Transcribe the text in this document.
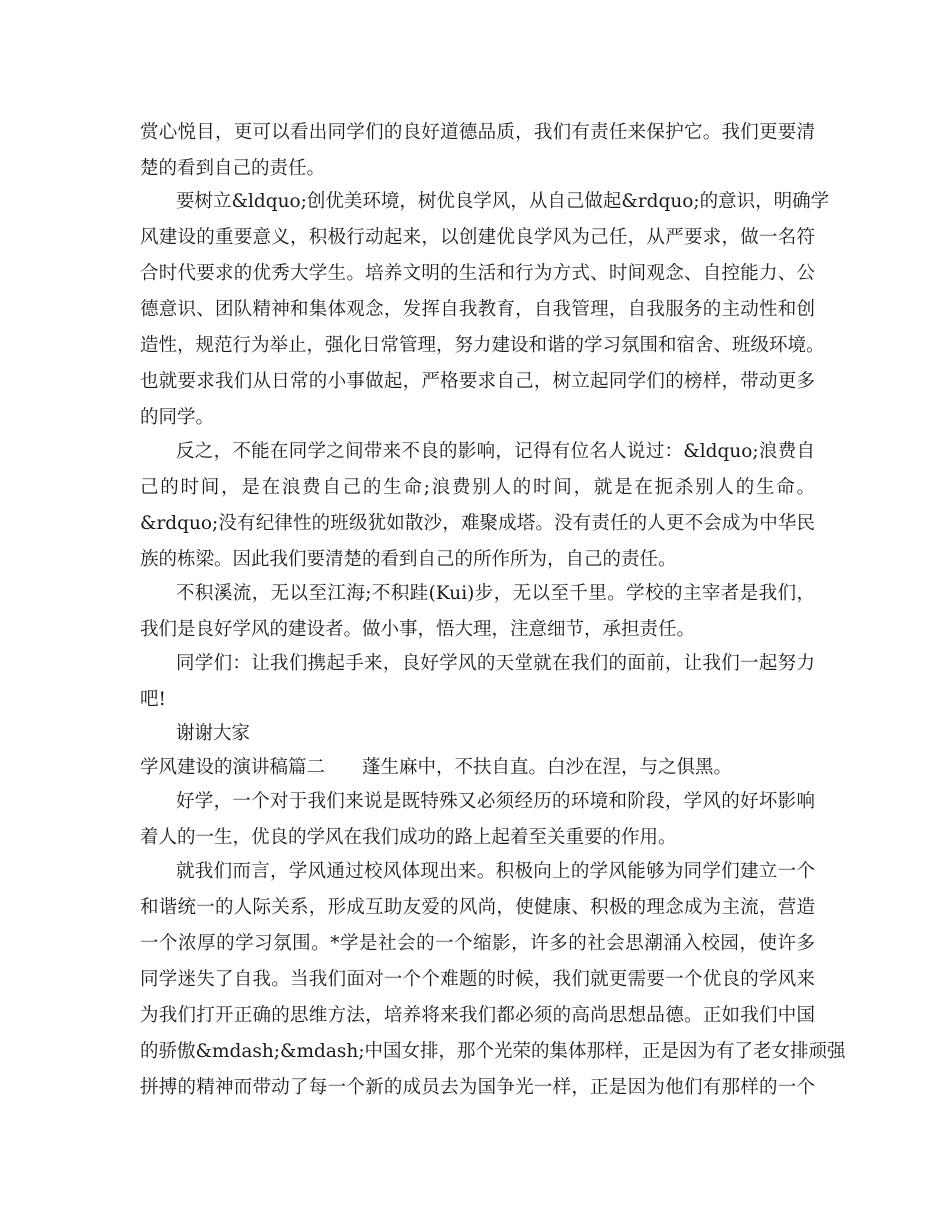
赏心悦目，更可以看出同学们的良好道德品质，我们有责任来保护它。我们更要清
楚的看到自己的责任。
要树立&ldquo;创优美环境，树优良学风，从自己做起&rdquo;的意识，明确学
风建设的重要意义，积极行动起来，以创建优良学风为己任，从严要求，做一名符
合时代要求的优秀大学生。培养文明的生活和行为方式、时间观念、自控能力、公
德意识、团队精神和集体观念，发挥自我教育，自我管理，自我服务的主动性和创
造性，规范行为举止，强化日常管理，努力建设和谐的学习氛围和宿舍、班级环境。
也就要求我们从日常的小事做起，严格要求自己，树立起同学们的榜样，带动更多
的同学。
反之，不能在同学之间带来不良的影响，记得有位名人说过：&ldquo;浪费自
己的时间，是在浪费自己的生命;浪费别人的时间，就是在扼杀别人的生命。
&rdquo;没有纪律性的班级犹如散沙，难聚成塔。没有责任的人更不会成为中华民
族的栋梁。因此我们要清楚的看到自己的所作所为，自己的责任。
不积溪流，无以至江海;不积跬(Kui)步，无以至千里。学校的主宰者是我们，
我们是良好学风的建设者。做小事，悟大理，注意细节，承担责任。
同学们：让我们携起手来，良好学风的天堂就在我们的面前，让我们一起努力
吧!
谢谢大家
学风建设的演讲稿篇二　　蓬生麻中，不扶自直。白沙在涅，与之俱黑。
好学，一个对于我们来说是既特殊又必须经历的环境和阶段，学风的好坏影响
着人的一生，优良的学风在我们成功的路上起着至关重要的作用。
就我们而言，学风通过校风体现出来。积极向上的学风能够为同学们建立一个
和谐统一的人际关系，形成互助友爱的风尚，使健康、积极的理念成为主流，营造
一个浓厚的学习氛围。*学是社会的一个缩影，许多的社会思潮涌入校园，使许多
同学迷失了自我。当我们面对一个个难题的时候，我们就更需要一个优良的学风来
为我们打开正确的思维方法，培养将来我们都必须的高尚思想品德。正如我们中国
的骄傲&mdash;&mdash;中国女排，那个光荣的集体那样，正是因为有了老女排顽强
拼搏的精神而带动了每一个新的成员去为国争光一样，正是因为他们有那样的一个
